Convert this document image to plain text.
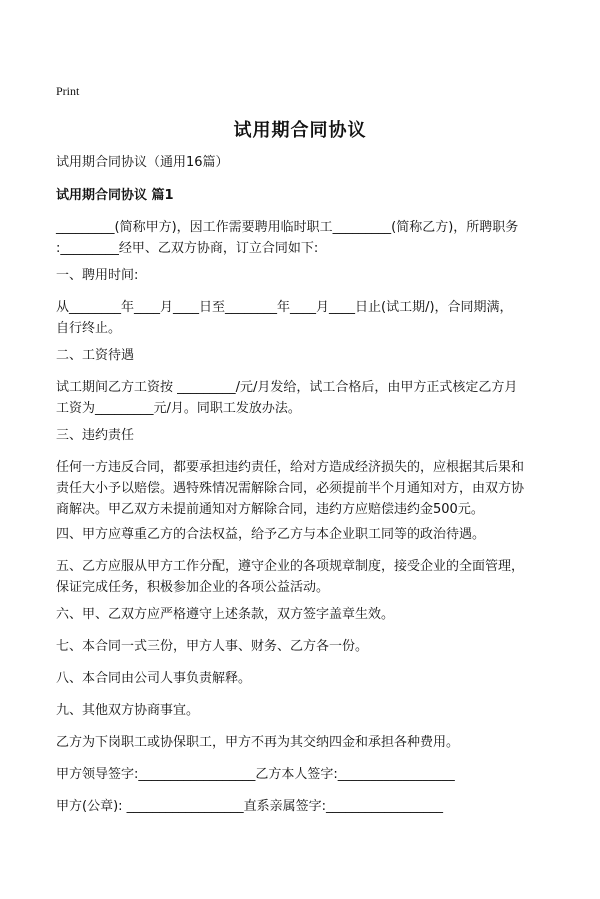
Print
试用期合同协议
试用期合同协议（通用16篇）
试用期合同协议 篇1
_________(简称甲方)，因工作需要聘用临时职工_________(简称乙方)，所聘职务
:_________经甲、乙双方协商，订立合同如下:
一、聘用时间:
从________年____月____日至________年____月____日止(试工期/)，合同期满，
自行终止。
二、工资待遇
试工期间乙方工资按 _________/元/月发给，试工合格后，由甲方正式核定乙方月
工资为_________元/月。同职工发放办法。
三、违约责任
任何一方违反合同，都要承担违约责任，给对方造成经济损失的，应根据其后果和
责任大小予以赔偿。遇特殊情况需解除合同，必须提前半个月通知对方，由双方协
商解决。甲乙双方未提前通知对方解除合同，违约方应赔偿违约金500元。
四、甲方应尊重乙方的合法权益，给予乙方与本企业职工同等的政治待遇。
五、乙方应服从甲方工作分配，遵守企业的各项规章制度，接受企业的全面管理，
保证完成任务，积极参加企业的各项公益活动。
六、甲、乙双方应严格遵守上述条款，双方签字盖章生效。
七、本合同一式三份，甲方人事、财务、乙方各一份。
八、本合同由公司人事负责解释。
九、其他双方协商事宜。
乙方为下岗职工或协保职工，甲方不再为其交纳四金和承担各种费用。
甲方领导签字:__________________乙方本人签字:__________________
甲方(公章): __________________直系亲属签字:__________________
